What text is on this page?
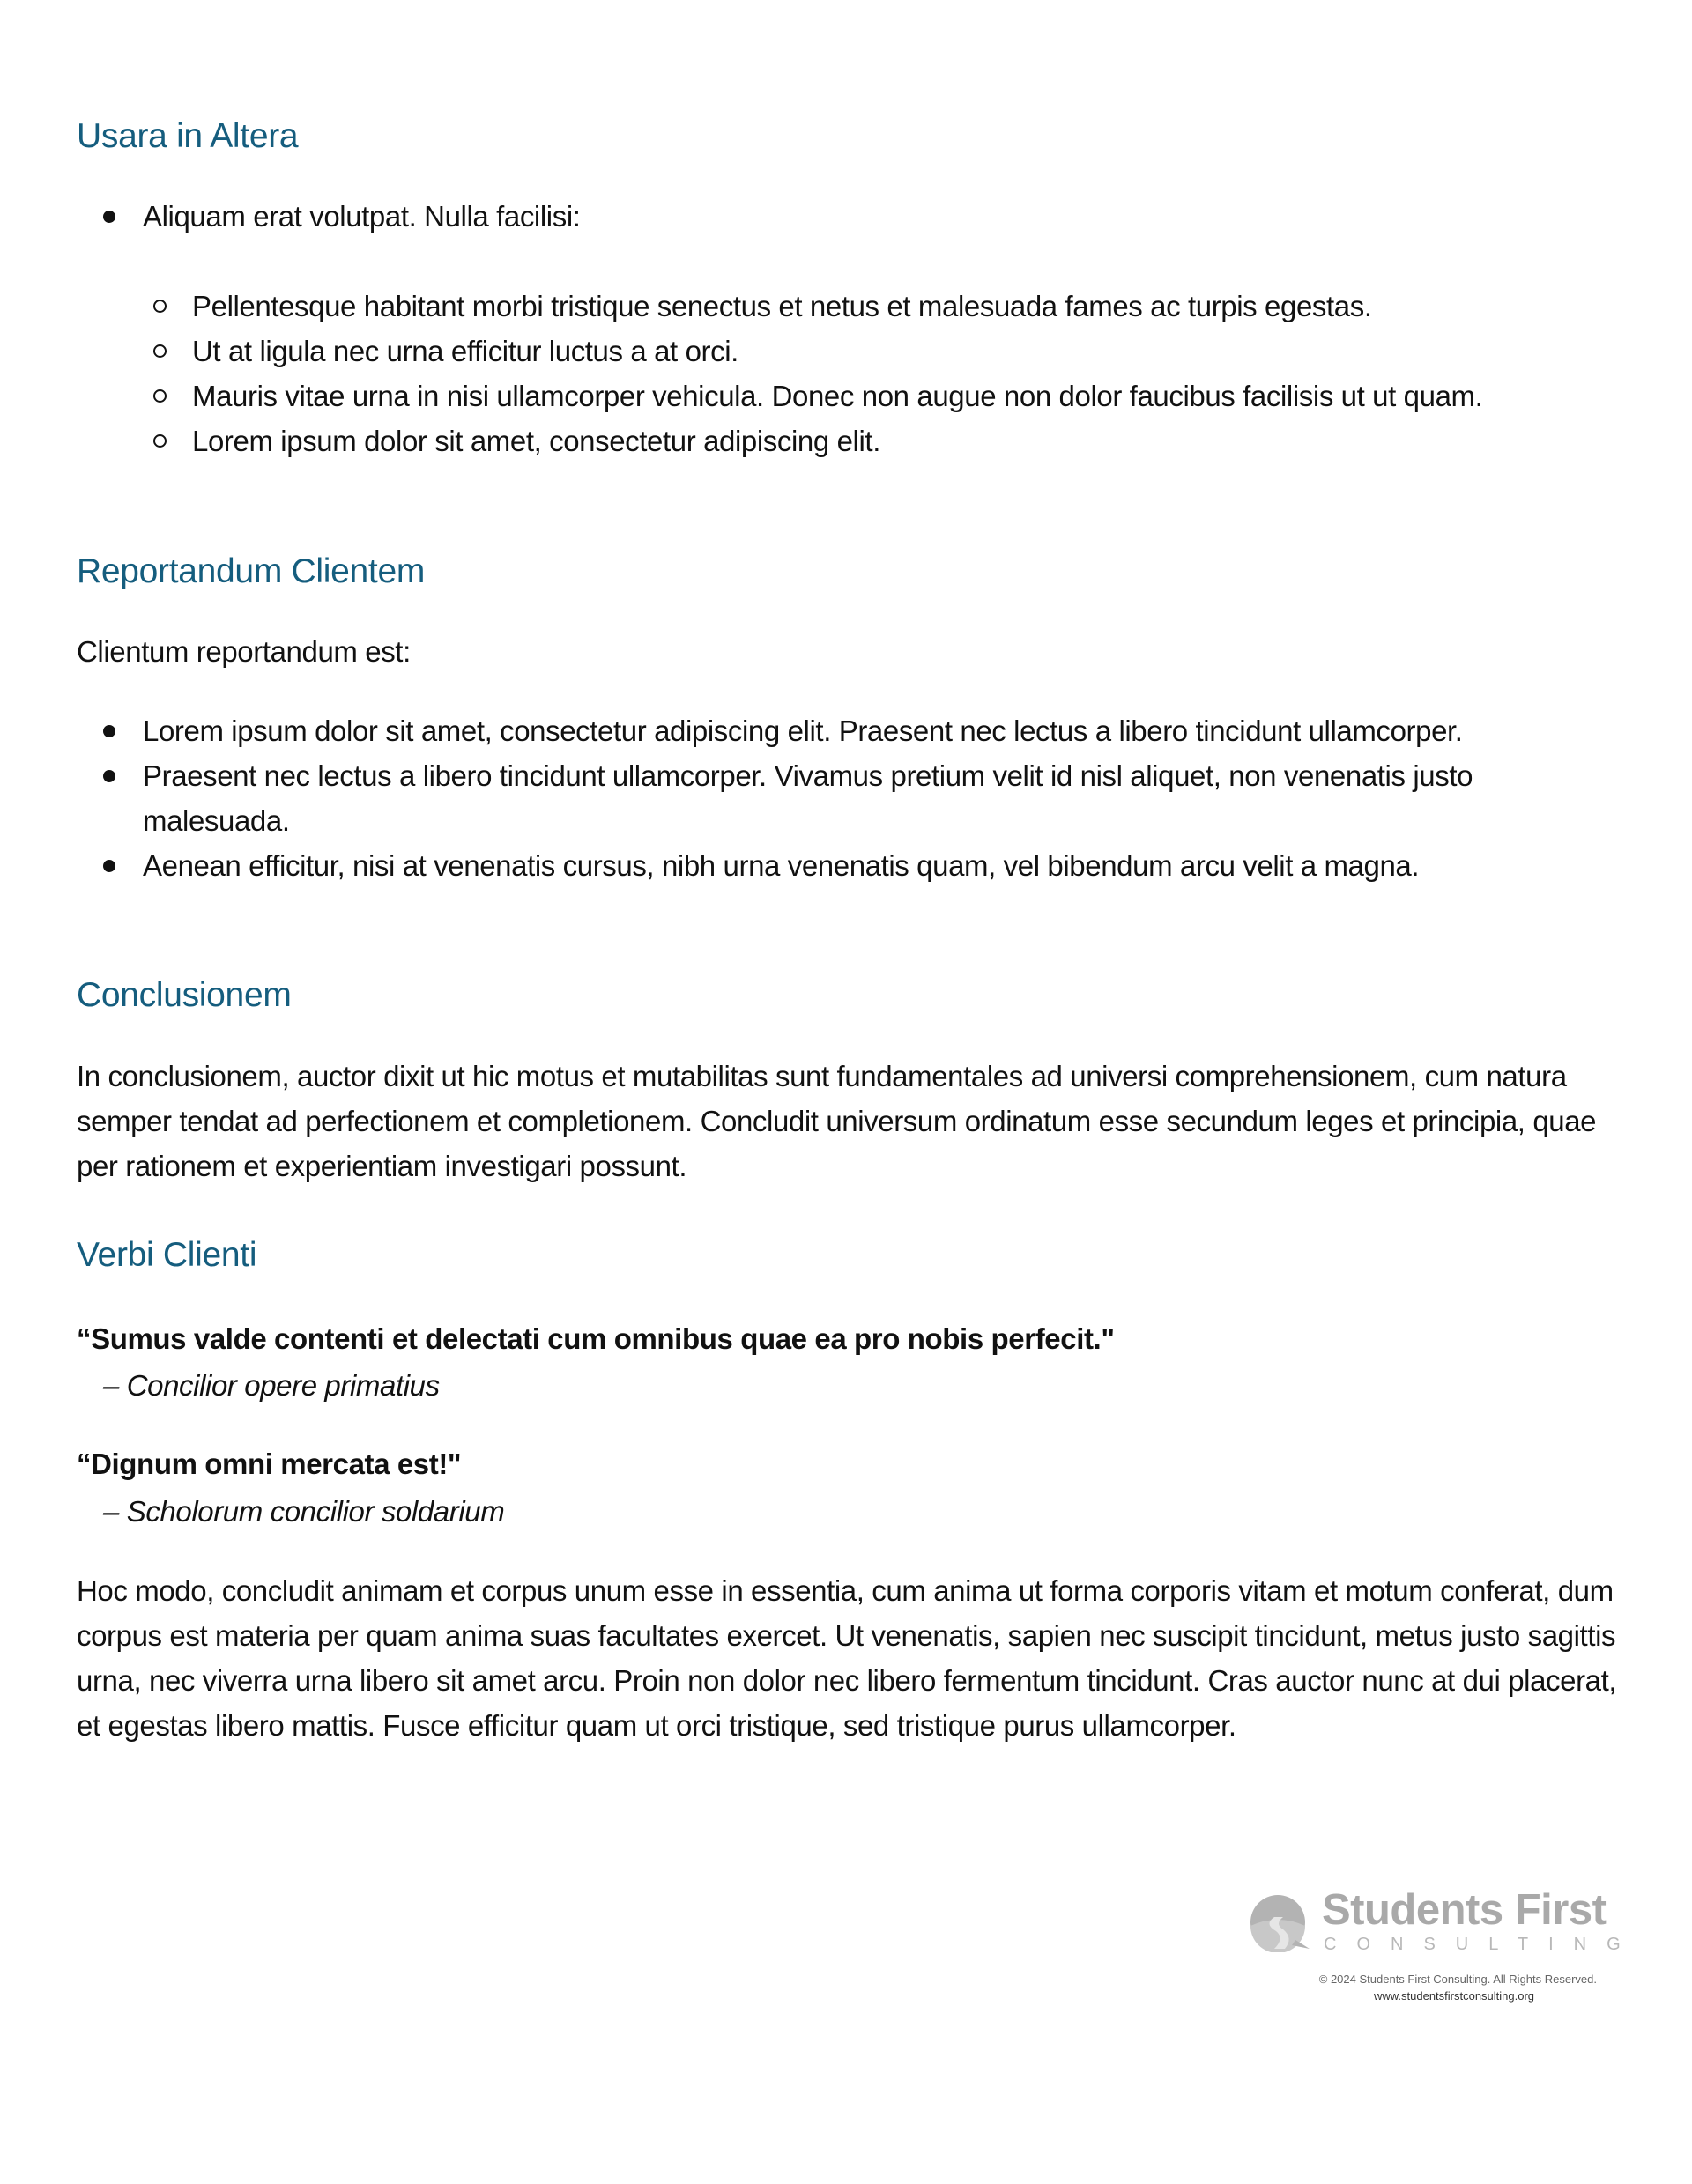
Usara in Altera
Aliquam erat volutpat. Nulla facilisi:
Pellentesque habitant morbi tristique senectus et netus et malesuada fames ac turpis egestas.
Ut at ligula nec urna efficitur luctus a at orci.
Mauris vitae urna in nisi ullamcorper vehicula. Donec non augue non dolor faucibus facilisis ut ut quam.
Lorem ipsum dolor sit amet, consectetur adipiscing elit.
Reportandum Clientem
Clientum reportandum est:
Lorem ipsum dolor sit amet, consectetur adipiscing elit. Praesent nec lectus a libero tincidunt ullamcorper.
Praesent nec lectus a libero tincidunt ullamcorper. Vivamus pretium velit id nisl aliquet, non venenatis justo malesuada.
Aenean efficitur, nisi at venenatis cursus, nibh urna venenatis quam, vel bibendum arcu velit a magna.
Conclusionem
In conclusionem, auctor dixit ut hic motus et mutabilitas sunt fundamentales ad universi comprehensionem, cum natura semper tendat ad perfectionem et completionem. Concludit universum ordinatum esse secundum leges et principia, quae per rationem et experientiam investigari possunt.
Verbi Clienti
“Sumus valde contenti et delectati cum omnibus quae ea pro nobis perfecit."
– Concilior opere primatius
“Dignum omni mercata est!"
– Scholorum concilior soldarium
Hoc modo, concludit animam et corpus unum esse in essentia, cum anima ut forma corporis vitam et motum conferat, dum corpus est materia per quam anima suas facultates exercet. Ut venenatis, sapien nec suscipit tincidunt, metus justo sagittis urna, nec viverra urna libero sit amet arcu. Proin non dolor nec libero fermentum tincidunt. Cras auctor nunc at dui placerat, et egestas libero mattis. Fusce efficitur quam ut orci tristique, sed tristique purus ullamcorper.
Students First
CONSULTING
© 2024 Students First Consulting. All Rights Reserved.
www.studentsfirstconsulting.org
